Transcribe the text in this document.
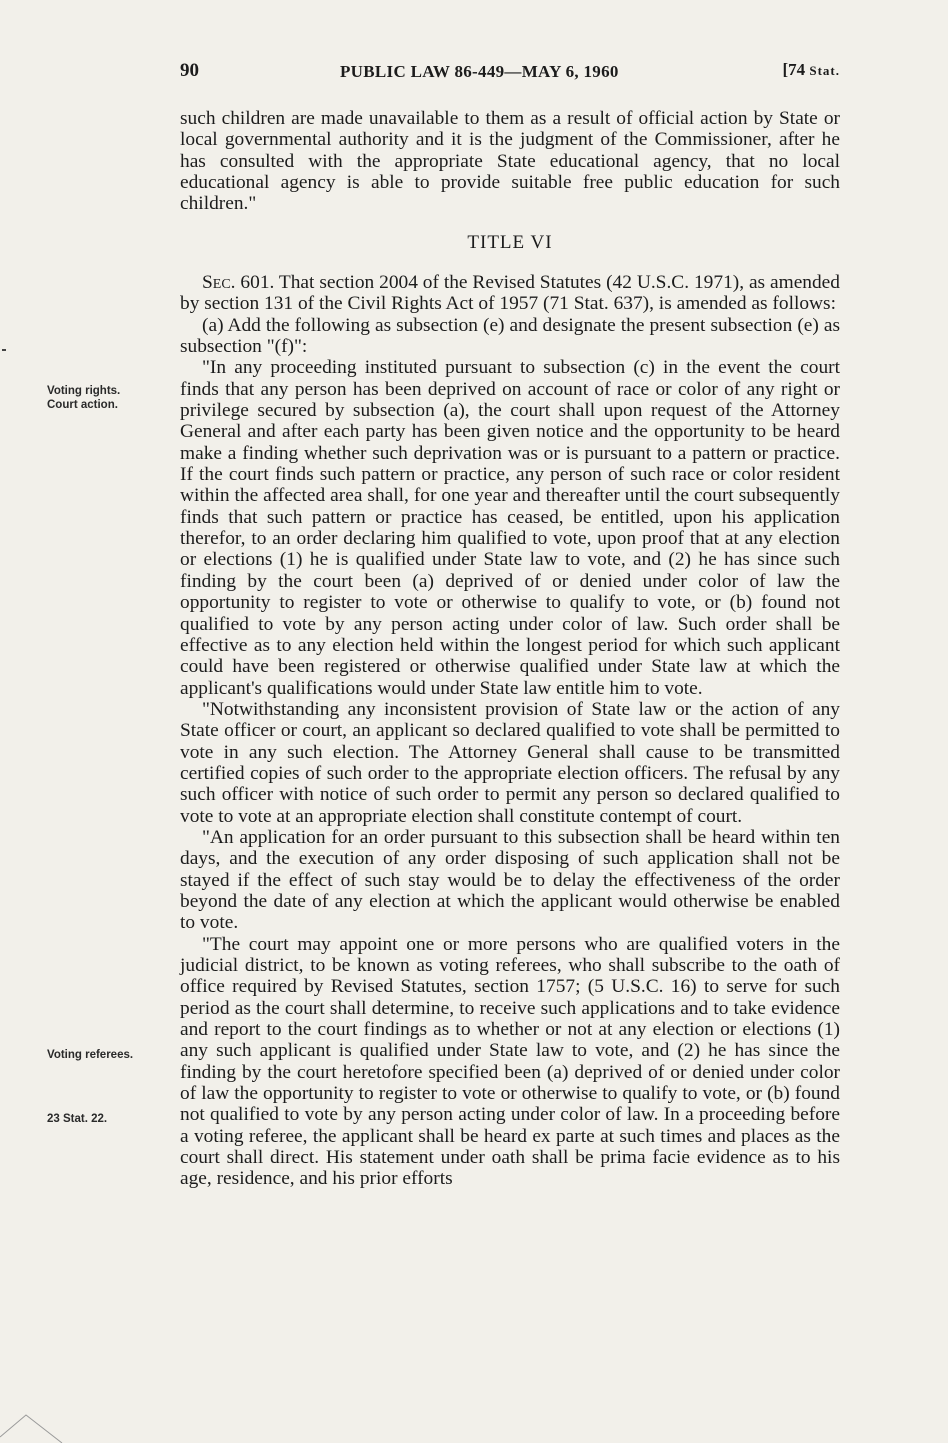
90	PUBLIC LAW 86-449—MAY 6, 1960	[74 Stat.

such children are made unavailable to them as a result of official action by State or local governmental authority and it is the judgment of the Commissioner, after he has consulted with the appropriate State educational agency, that no local educational agency is able to provide suitable free public education for such children."

TITLE VI

Sec. 601. That section 2004 of the Revised Statutes (42 U.S.C. 1971), as amended by section 131 of the Civil Rights Act of 1957 (71 Stat. 637), is amended as follows:

(a) Add the following as subsection (e) and designate the present subsection (e) as subsection "(f)":

"In any proceeding instituted pursuant to subsection (c) in the event the court finds that any person has been deprived on account of race or color of any right or privilege secured by subsection (a), the court shall upon request of the Attorney General and after each party has been given notice and the opportunity to be heard make a finding whether such deprivation was or is pursuant to a pattern or practice. If the court finds such pattern or practice, any person of such race or color resident within the affected area shall, for one year and thereafter until the court subsequently finds that such pattern or practice has ceased, be entitled, upon his application therefor, to an order declaring him qualified to vote, upon proof that at any election or elections (1) he is qualified under State law to vote, and (2) he has since such finding by the court been (a) deprived of or denied under color of law the opportunity to register to vote or otherwise to qualify to vote, or (b) found not qualified to vote by any person acting under color of law. Such order shall be effective as to any election held within the longest period for which such applicant could have been registered or otherwise qualified under State law at which the applicant's qualifications would under State law entitle him to vote.

"Notwithstanding any inconsistent provision of State law or the action of any State officer or court, an applicant so declared qualified to vote shall be permitted to vote in any such election. The Attorney General shall cause to be transmitted certified copies of such order to the appropriate election officers. The refusal by any such officer with notice of such order to permit any person so declared qualified to vote to vote at an appropriate election shall constitute contempt of court.

"An application for an order pursuant to this subsection shall be heard within ten days, and the execution of any order disposing of such application shall not be stayed if the effect of such stay would be to delay the effectiveness of the order beyond the date of any election at which the applicant would otherwise be enabled to vote.

"The court may appoint one or more persons who are qualified voters in the judicial district, to be known as voting referees, who shall subscribe to the oath of office required by Revised Statutes, section 1757; (5 U.S.C. 16) to serve for such period as the court shall determine, to receive such applications and to take evidence and report to the court findings as to whether or not at any election or elections (1) any such applicant is qualified under State law to vote, and (2) he has since the finding by the court heretofore specified been (a) deprived of or denied under color of law the opportunity to register to vote or otherwise to qualify to vote, or (b) found not qualified to vote by any person acting under color of law. In a proceeding before a voting referee, the applicant shall be heard ex parte at such times and places as the court shall direct. His statement under oath shall be prima facie evidence as to his age, residence, and his prior efforts

Voting rights.
Court action.
Voting referees.
23 Stat. 22.
